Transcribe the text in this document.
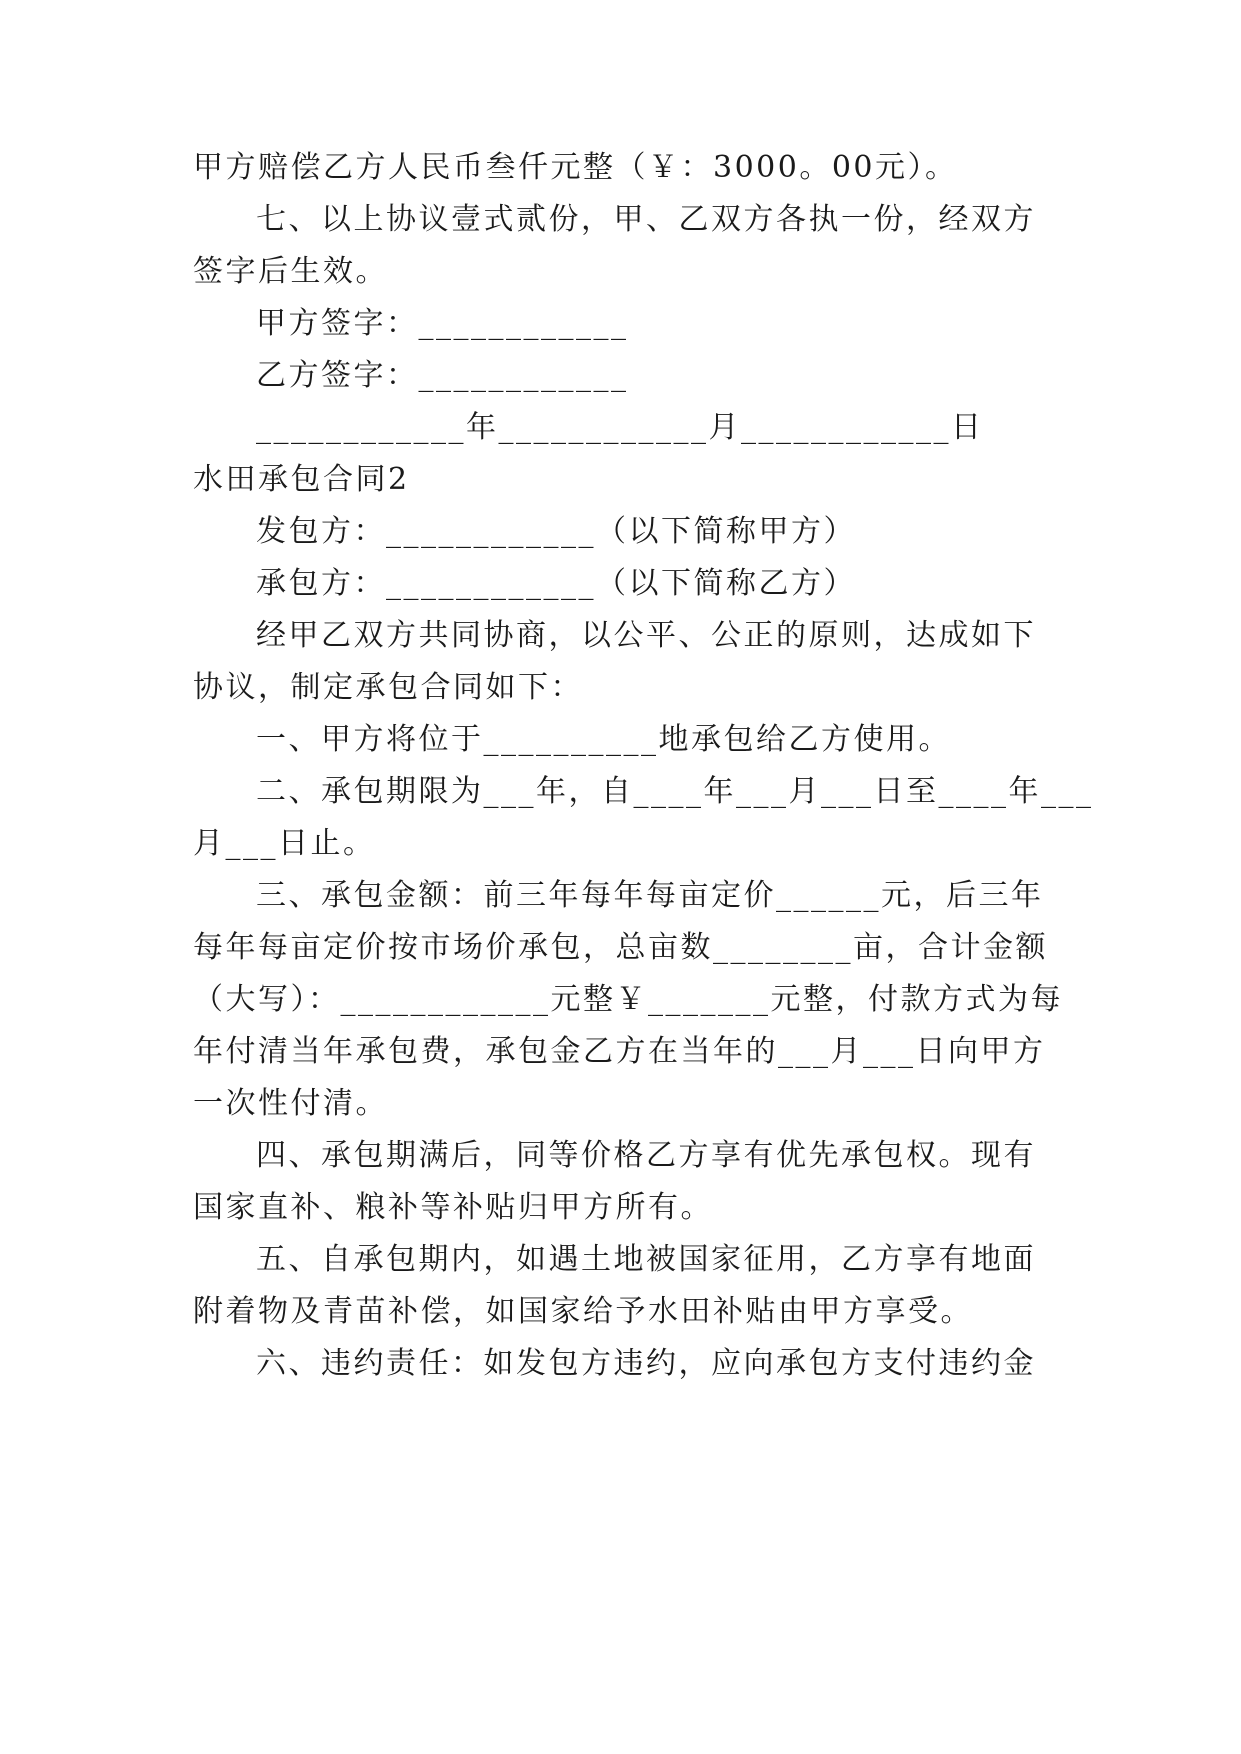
甲方赔偿乙方人民币叁仟元整（￥：3000。00元）。
七、以上协议壹式贰份，甲、乙双方各执一份，经双方
签字后生效。
甲方签字：____________
乙方签字：____________
____________年____________月____________日
水田承包合同2
发包方：____________（以下简称甲方）
承包方：____________（以下简称乙方）
经甲乙双方共同协商，以公平、公正的原则，达成如下
协议，制定承包合同如下：
一、甲方将位于__________地承包给乙方使用。
二、承包期限为___年，自____年___月___日至____年___
月___日止。
三、承包金额：前三年每年每亩定价______元，后三年
每年每亩定价按市场价承包，总亩数________亩，合计金额
（大写）：____________元整￥_______元整，付款方式为每
年付清当年承包费，承包金乙方在当年的___月___日向甲方
一次性付清。
四、承包期满后，同等价格乙方享有优先承包权。现有
国家直补、粮补等补贴归甲方所有。
五、自承包期内，如遇土地被国家征用，乙方享有地面
附着物及青苗补偿，如国家给予水田补贴由甲方享受。
六、违约责任：如发包方违约，应向承包方支付违约金
